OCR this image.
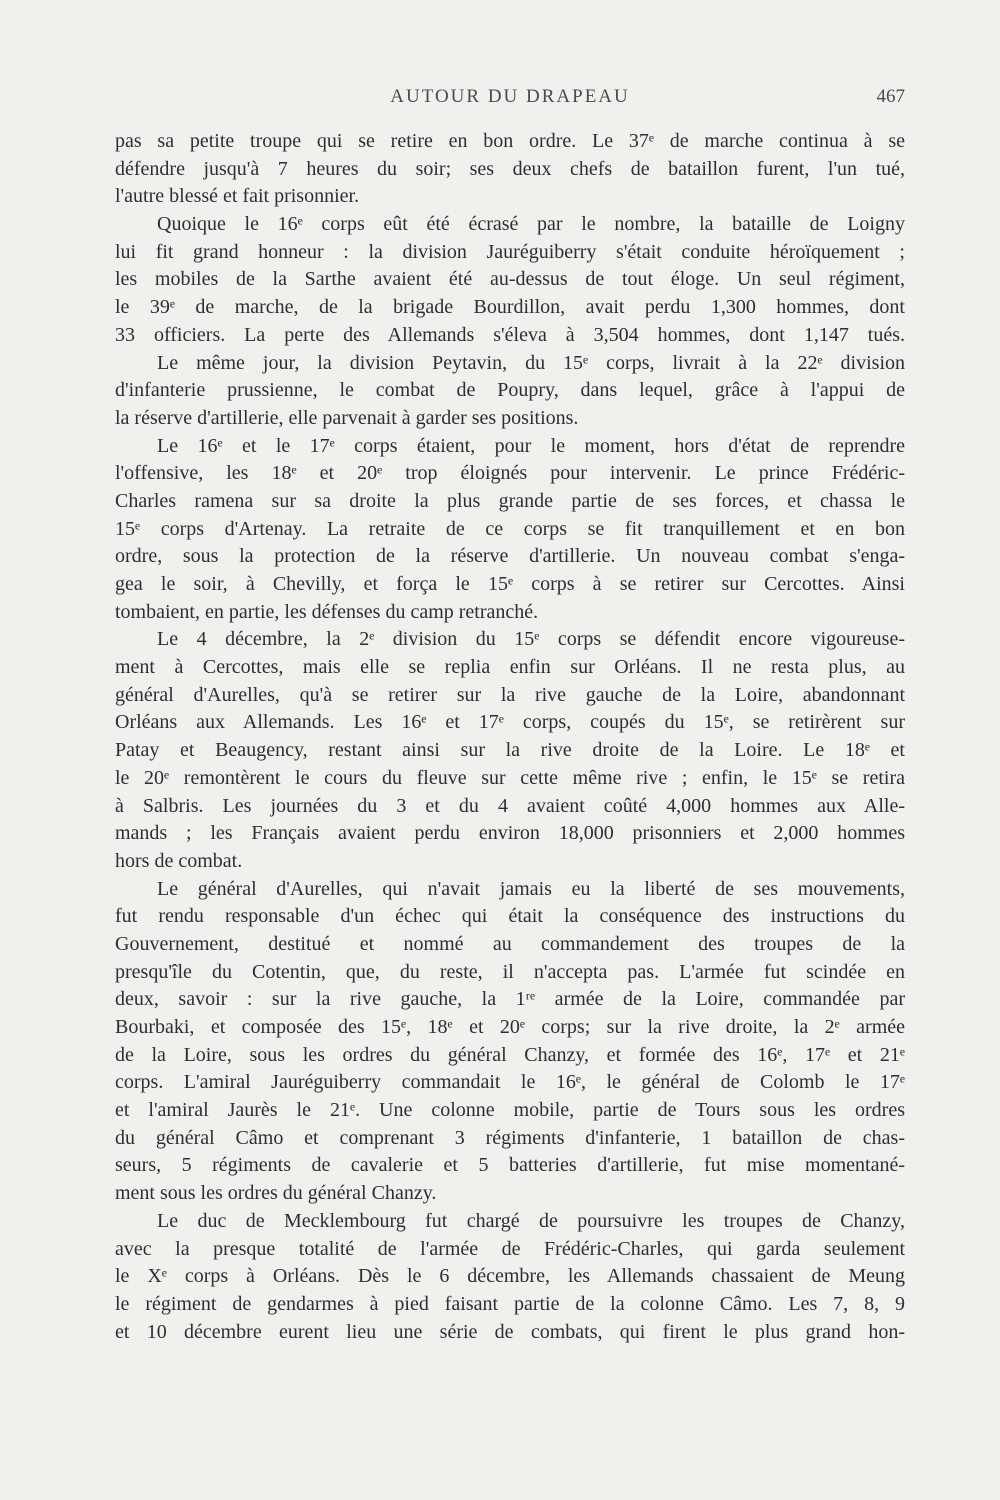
AUTOUR DU DRAPEAU	467
pas sa petite troupe qui se retire en bon ordre. Le 37ᵉ de marche continua à se
défendre jusqu'à 7 heures du soir; ses deux chefs de bataillon furent, l'un tué,
l'autre blessé et fait prisonnier.
Quoique le 16ᵉ corps eût été écrasé par le nombre, la bataille de Loigny
lui fit grand honneur : la division Jauréguiberry s'était conduite héroïquement ;
les mobiles de la Sarthe avaient été au-dessus de tout éloge. Un seul régiment,
le 39ᵉ de marche, de la brigade Bourdillon, avait perdu 1,300 hommes, dont
33 officiers. La perte des Allemands s'éleva à 3,504 hommes, dont 1,147 tués.
Le même jour, la division Peytavin, du 15ᵉ corps, livrait à la 22ᵉ division
d'infanterie prussienne, le combat de Poupry, dans lequel, grâce à l'appui de
la réserve d'artillerie, elle parvenait à garder ses positions.
Le 16ᵉ et le 17ᵉ corps étaient, pour le moment, hors d'état de reprendre
l'offensive, les 18ᵉ et 20ᵉ trop éloignés pour intervenir. Le prince Frédéric-
Charles ramena sur sa droite la plus grande partie de ses forces, et chassa le
15ᵉ corps d'Artenay. La retraite de ce corps se fit tranquillement et en bon
ordre, sous la protection de la réserve d'artillerie. Un nouveau combat s'enga-
gea le soir, à Chevilly, et força le 15ᵉ corps à se retirer sur Cercottes. Ainsi
tombaient, en partie, les défenses du camp retranché.
Le 4 décembre, la 2ᵉ division du 15ᵉ corps se défendit encore vigoureuse-
ment à Cercottes, mais elle se replia enfin sur Orléans. Il ne resta plus, au
général d'Aurelles, qu'à se retirer sur la rive gauche de la Loire, abandonnant
Orléans aux Allemands. Les 16ᵉ et 17ᵉ corps, coupés du 15ᵉ, se retirèrent sur
Patay et Beaugency, restant ainsi sur la rive droite de la Loire. Le 18ᵉ et
le 20ᵉ remontèrent le cours du fleuve sur cette même rive ; enfin, le 15ᵉ se retira
à Salbris. Les journées du 3 et du 4 avaient coûté 4,000 hommes aux Alle-
mands ; les Français avaient perdu environ 18,000 prisonniers et 2,000 hommes
hors de combat.
Le général d'Aurelles, qui n'avait jamais eu la liberté de ses mouvements,
fut rendu responsable d'un échec qui était la conséquence des instructions du
Gouvernement, destitué et nommé au commandement des troupes de la
presqu'île du Cotentin, que, du reste, il n'accepta pas. L'armée fut scindée en
deux, savoir : sur la rive gauche, la 1ʳᵉ armée de la Loire, commandée par
Bourbaki, et composée des 15ᵉ, 18ᵉ et 20ᵉ corps; sur la rive droite, la 2ᵉ armée
de la Loire, sous les ordres du général Chanzy, et formée des 16ᵉ, 17ᵉ et 21ᵉ
corps. L'amiral Jauréguiberry commandait le 16ᵉ, le général de Colomb le 17ᵉ
et l'amiral Jaurès le 21ᵉ. Une colonne mobile, partie de Tours sous les ordres
du général Câmo et comprenant 3 régiments d'infanterie, 1 bataillon de chas-
seurs, 5 régiments de cavalerie et 5 batteries d'artillerie, fut mise momentané-
ment sous les ordres du général Chanzy.
Le duc de Mecklembourg fut chargé de poursuivre les troupes de Chanzy,
avec la presque totalité de l'armée de Frédéric-Charles, qui garda seulement
le Xᵉ corps à Orléans. Dès le 6 décembre, les Allemands chassaient de Meung
le régiment de gendarmes à pied faisant partie de la colonne Câmo. Les 7, 8, 9
et 10 décembre eurent lieu une série de combats, qui firent le plus grand hon-
